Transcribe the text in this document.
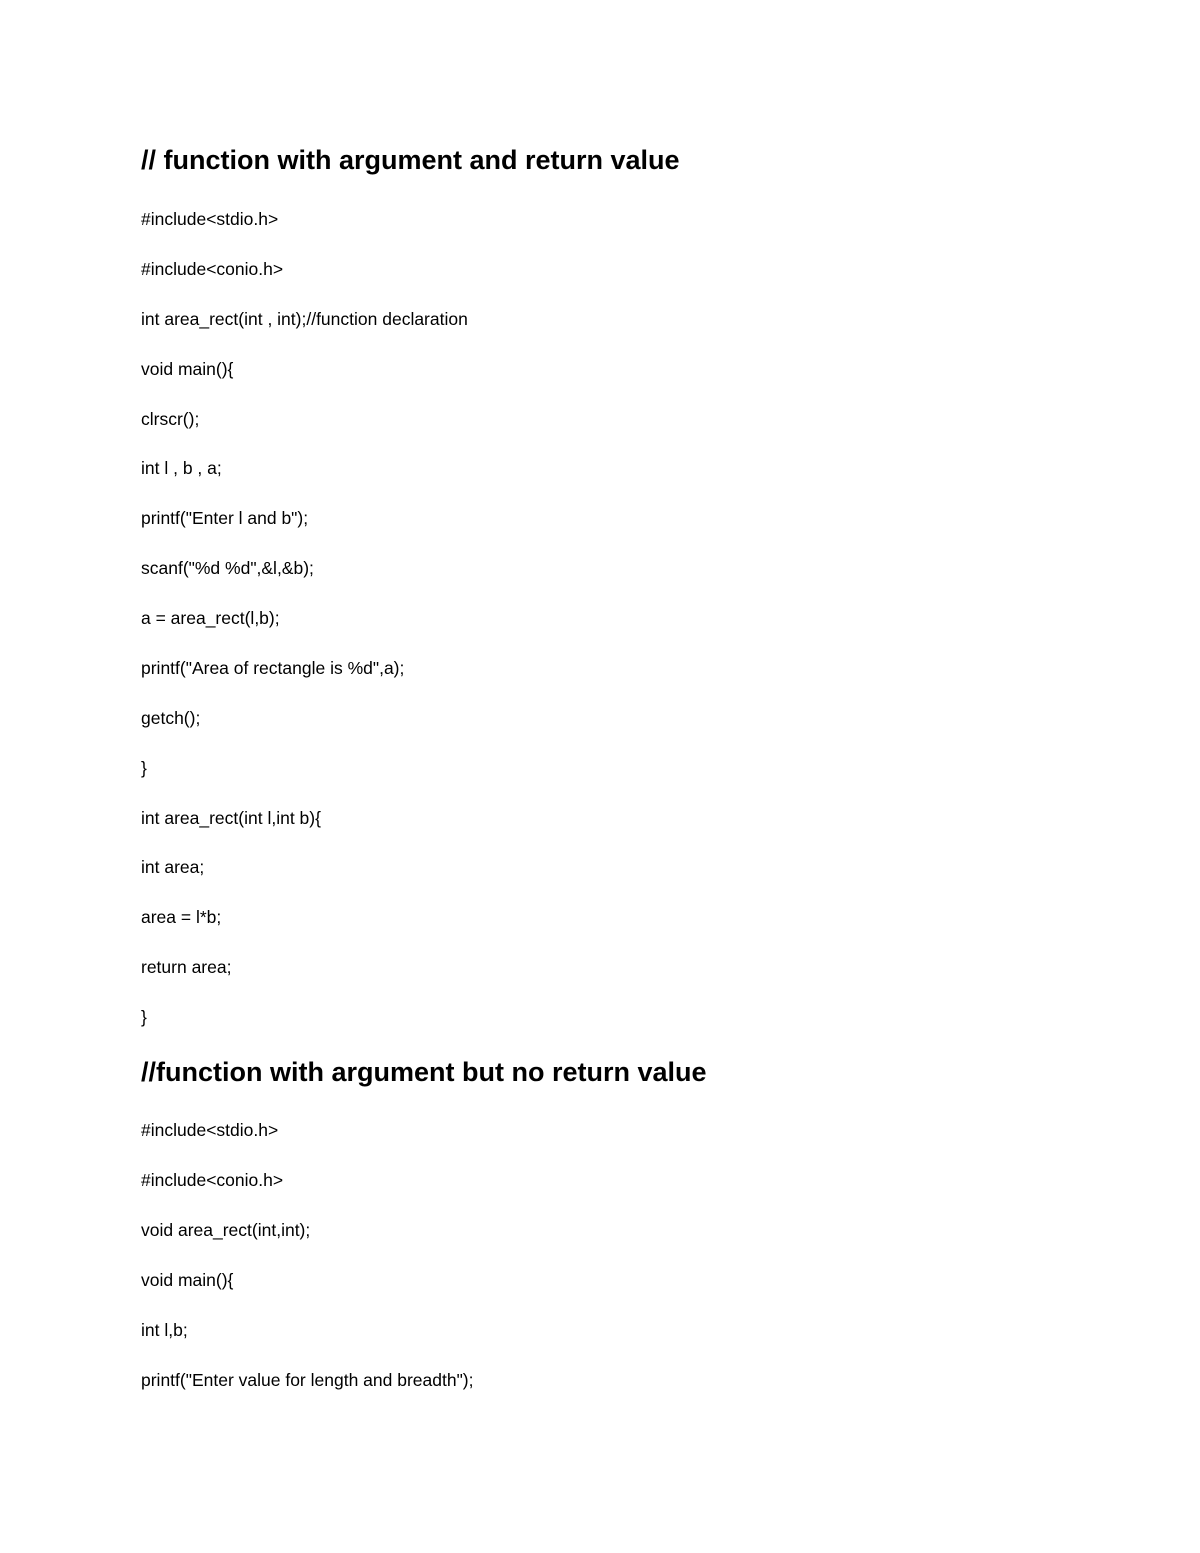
// function with argument and return value
#include<stdio.h>
#include<conio.h>
int area_rect(int , int);//function declaration
void main(){
clrscr();
int l , b , a;
printf("Enter l and b");
scanf("%d %d",&l,&b);
a = area_rect(l,b);
printf("Area of rectangle is %d",a);
getch();
}
int area_rect(int l,int b){
int area;
area = l*b;
return area;
}
//function with argument but no return value
#include<stdio.h>
#include<conio.h>
void area_rect(int,int);
void main(){
int l,b;
printf("Enter value for length and breadth");
